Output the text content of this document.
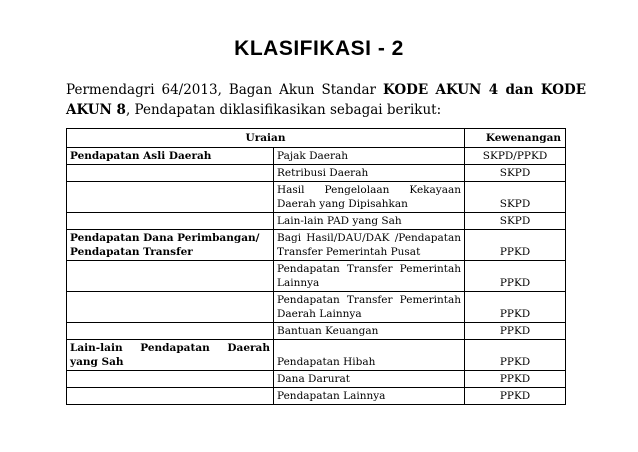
KLASIFIKASI - 2
Permendagri 64/2013, Bagan Akun Standar KODE AKUN 4 dan KODE AKUN 8, Pendapatan diklasifikasikan sebagai berikut:
Uraian		Kewenangan
Pendapatan Asli Daerah	Pajak Daerah	SKPD/PPKD
	Retribusi Daerah	SKPD
	Hasil Pengelolaan Kekayaan Daerah yang Dipisahkan	SKPD
	Lain-lain PAD yang Sah	SKPD
Pendapatan Dana Perimbangan/ Pendapatan Transfer	Bagi Hasil/DAU/DAK /Pendapatan Transfer Pemerintah Pusat	PPKD
	Pendapatan Transfer Pemerintah Lainnya	PPKD
	Pendapatan Transfer Pemerintah Daerah Lainnya	PPKD
	Bantuan Keuangan	PPKD
Lain-lain Pendapatan Daerah yang Sah	Pendapatan Hibah	PPKD
	Dana Darurat	PPKD
	Pendapatan Lainnya	PPKD
